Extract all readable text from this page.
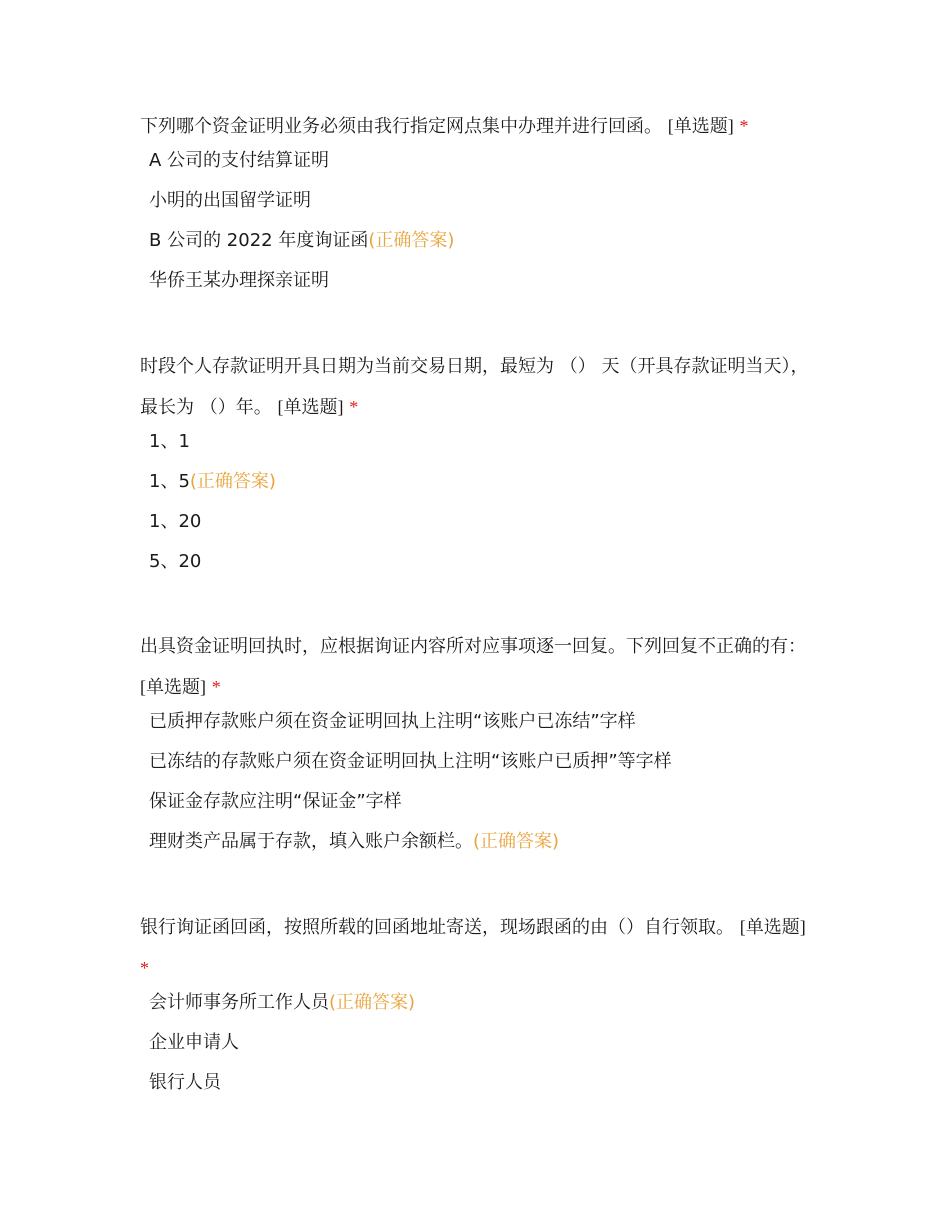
下列哪个资金证明业务必须由我行指定网点集中办理并进行回函。 [单选题] *

A 公司的支付结算证明
小明的出国留学证明
B 公司的 2022 年度询证函(正确答案)
华侨王某办理探亲证明

时段个人存款证明开具日期为当前交易日期，最短为 （） 天（开具存款证明当天），最长为 （）年。 [单选题] *

1、1
1、5(正确答案)
1、20
5、20

出具资金证明回执时，应根据询证内容所对应事项逐一回复。下列回复不正确的有： [单选题] *

已质押存款账户须在资金证明回执上注明“该账户已冻结”字样
已冻结的存款账户须在资金证明回执上注明“该账户已质押”等字样
保证金存款应注明“保证金”字样
理财类产品属于存款，填入账户余额栏。(正确答案)

银行询证函回函，按照所载的回函地址寄送，现场跟函的由（）自行领取。 [单选题] *

会计师事务所工作人员(正确答案)
企业申请人
银行人员
